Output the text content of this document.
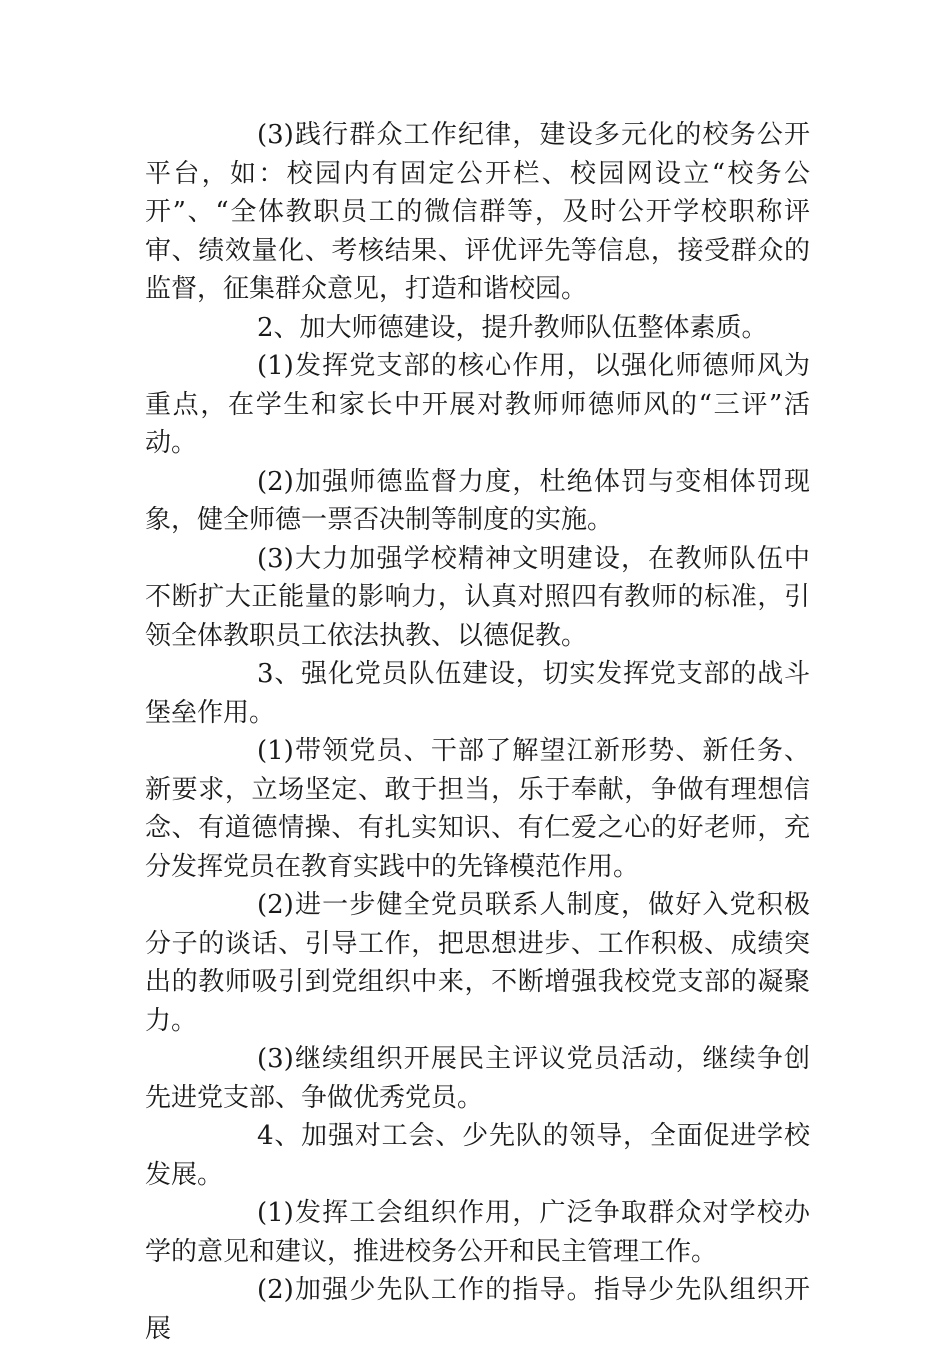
(3)践行群众工作纪律，建设多元化的校务公开平台，如：校园内有固定公开栏、校园网设立“校务公开”、“全体教职员工的微信群等，及时公开学校职称评审、绩效量化、考核结果、评优评先等信息，接受群众的监督，征集群众意见，打造和谐校园。

2、加大师德建设，提升教师队伍整体素质。

(1)发挥党支部的核心作用，以强化师德师风为重点，在学生和家长中开展对教师师德师风的“三评”活动。

(2)加强师德监督力度，杜绝体罚与变相体罚现象，健全师德一票否决制等制度的实施。

(3)大力加强学校精神文明建设，在教师队伍中不断扩大正能量的影响力，认真对照四有教师的标准，引领全体教职员工依法执教、以德促教。

3、强化党员队伍建设，切实发挥党支部的战斗堡垒作用。

(1)带领党员、干部了解望江新形势、新任务、新要求，立场坚定、敢于担当，乐于奉献，争做有理想信念、有道德情操、有扎实知识、有仁爱之心的好老师，充分发挥党员在教育实践中的先锋模范作用。

(2)进一步健全党员联系人制度，做好入党积极分子的谈话、引导工作，把思想进步、工作积极、成绩突出的教师吸引到党组织中来，不断增强我校党支部的凝聚力。

(3)继续组织开展民主评议党员活动，继续争创先进党支部、争做优秀党员。

4、加强对工会、少先队的领导，全面促进学校发展。

(1)发挥工会组织作用，广泛争取群众对学校办学的意见和建议，推进校务公开和民主管理工作。

(2)加强少先队工作的指导。指导少先队组织开展
